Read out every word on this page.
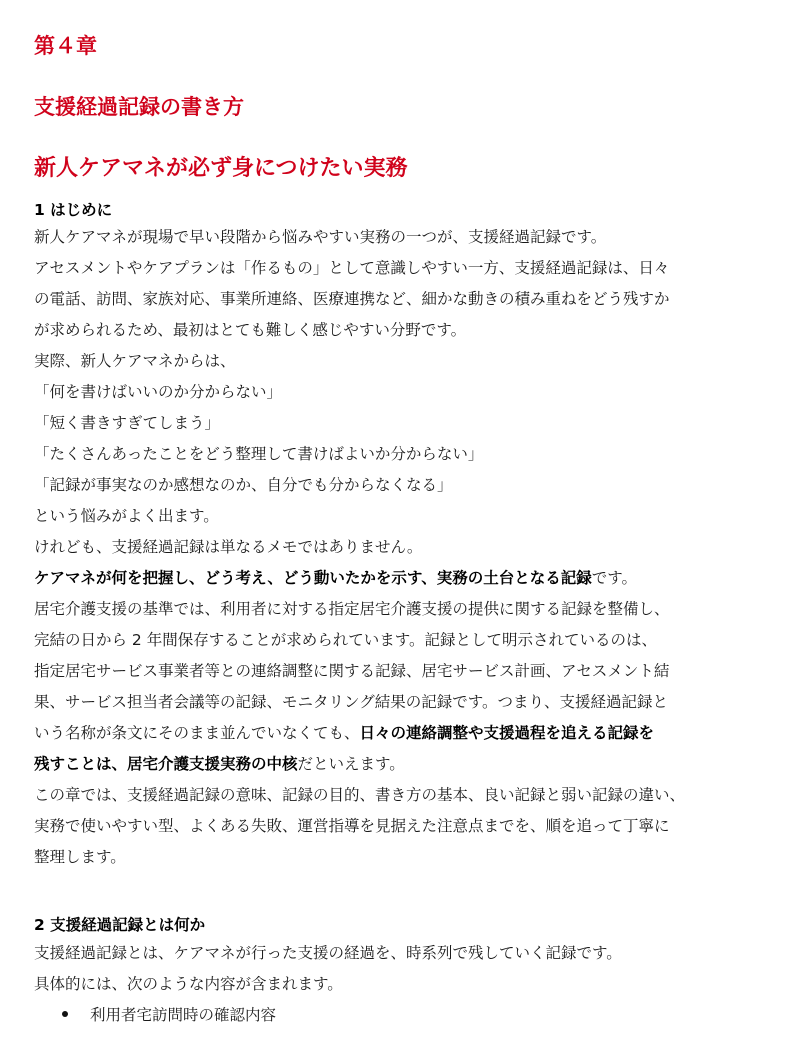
第４章
支援経過記録の書き方
新人ケアマネが必ず身につけたい実務
1 はじめに

新人ケアマネが現場で早い段階から悩みやすい実務の一つが、支援経過記録です。

アセスメントやケアプランは「作るもの」として意識しやすい一方、支援経過記録は、日々

の電話、訪問、家族対応、事業所連絡、医療連携など、細かな動きの積み重ねをどう残すか

が求められるため、最初はとても難しく感じやすい分野です。

実際、新人ケアマネからは、

「何を書けばいいのか分からない」

「短く書きすぎてしまう」

「たくさんあったことをどう整理して書けばよいか分からない」

「記録が事実なのか感想なのか、自分でも分からなくなる」

という悩みがよく出ます。

けれども、支援経過記録は単なるメモではありません。

ケアマネが何を把握し、どう考え、どう動いたかを示す、実務の土台となる記録です。

居宅介護支援の基準では、利用者に対する指定居宅介護支援の提供に関する記録を整備し、

完結の日から 2 年間保存することが求められています。記録として明示されているのは、

指定居宅サービス事業者等との連絡調整に関する記録、居宅サービス計画、アセスメント結

果、サービス担当者会議等の記録、モニタリング結果の記録です。つまり、支援経過記録と

いう名称が条文にそのまま並んでいなくても、日々の連絡調整や支援過程を追える記録を

残すことは、居宅介護支援実務の中核だといえます。

この章では、支援経過記録の意味、記録の目的、書き方の基本、良い記録と弱い記録の違い、

実務で使いやすい型、よくある失敗、運営指導を見据えた注意点までを、順を追って丁寧に

整理します。

2 支援経過記録とは何か

支援経過記録とは、ケアマネが行った支援の経過を、時系列で残していく記録です。

具体的には、次のような内容が含まれます。

利用者宅訪問時の確認内容
